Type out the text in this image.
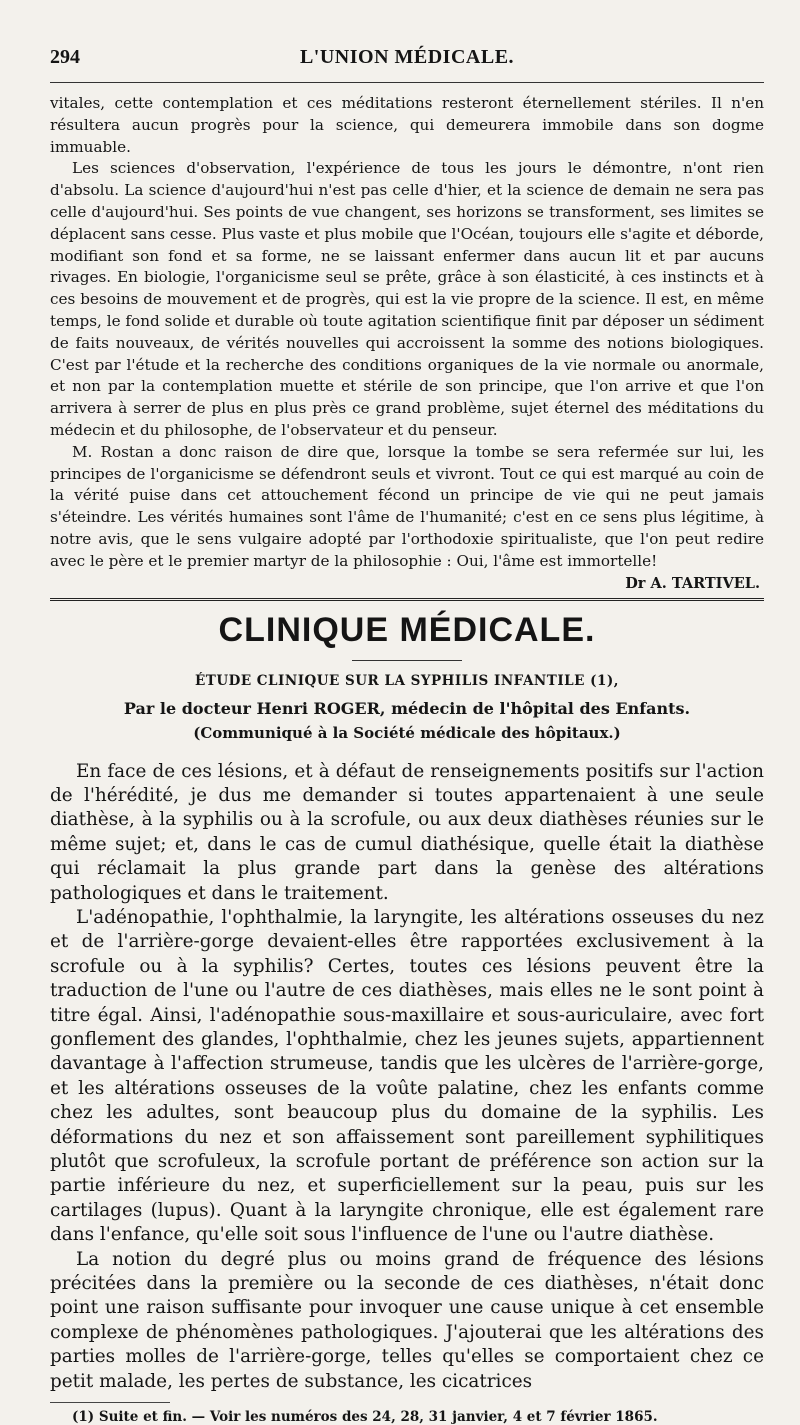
294	L'UNION MÉDICALE.

vitales, cette contemplation et ces méditations resteront éternellement stériles. Il n'en résultera aucun progrès pour la science, qui demeurera immobile dans son dogme immuable.

Les sciences d'observation, l'expérience de tous les jours le démontre, n'ont rien d'absolu. La science d'aujourd'hui n'est pas celle d'hier, et la science de demain ne sera pas celle d'aujourd'hui. Ses points de vue changent, ses horizons se transforment, ses limites se déplacent sans cesse. Plus vaste et plus mobile que l'Océan, toujours elle s'agite et déborde, modifiant son fond et sa forme, ne se laissant enfermer dans aucun lit et par aucuns rivages. En biologie, l'organicisme seul se prête, grâce à son élasticité, à ces instincts et à ces besoins de mouvement et de progrès, qui est la vie propre de la science. Il est, en même temps, le fond solide et durable où toute agitation scientifique finit par déposer un sédiment de faits nouveaux, de vérités nouvelles qui accroissent la somme des notions biologiques. C'est par l'étude et la recherche des conditions organiques de la vie normale ou anormale, et non par la contemplation muette et stérile de son principe, que l'on arrive et que l'on arrivera à serrer de plus en plus près ce grand problème, sujet éternel des méditations du médecin et du philosophe, de l'observateur et du penseur.

M. Rostan a donc raison de dire que, lorsque la tombe se sera refermée sur lui, les principes de l'organicisme se défendront seuls et vivront. Tout ce qui est marqué au coin de la vérité puise dans cet attouchement fécond un principe de vie qui ne peut jamais s'éteindre. Les vérités humaines sont l'âme de l'humanité; c'est en ce sens plus légitime, à notre avis, que le sens vulgaire adopté par l'orthodoxie spiritualiste, que l'on peut redire avec le père et le premier martyr de la philosophie : Oui, l'âme est immortelle!

Dr A. TARTIVEL.
CLINIQUE MÉDICALE.
ÉTUDE CLINIQUE SUR LA SYPHILIS INFANTILE (1),
Par le docteur Henri ROGER, médecin de l'hôpital des Enfants.
(Communiqué à la Société médicale des hôpitaux.)

En face de ces lésions, et à défaut de renseignements positifs sur l'action de l'hérédité, je dus me demander si toutes appartenaient à une seule diathèse, à la syphilis ou à la scrofule, ou aux deux diathèses réunies sur le même sujet; et, dans le cas de cumul diathésique, quelle était la diathèse qui réclamait la plus grande part dans la genèse des altérations pathologiques et dans le traitement.

L'adénopathie, l'ophthalmie, la laryngite, les altérations osseuses du nez et de l'arrière-gorge devaient-elles être rapportées exclusivement à la scrofule ou à la syphilis? Certes, toutes ces lésions peuvent être la traduction de l'une ou l'autre de ces diathèses, mais elles ne le sont point à titre égal. Ainsi, l'adénopathie sous-maxillaire et sous-auriculaire, avec fort gonflement des glandes, l'ophthalmie, chez les jeunes sujets, appartiennent davantage à l'affection strumeuse, tandis que les ulcères de l'arrière-gorge, et les altérations osseuses de la voûte palatine, chez les enfants comme chez les adultes, sont beaucoup plus du domaine de la syphilis. Les déformations du nez et son affaissement sont pareillement syphilitiques plutôt que scrofuleux, la scrofule portant de préférence son action sur la partie inférieure du nez, et superficiellement sur la peau, puis sur les cartilages (lupus). Quant à la laryngite chronique, elle est également rare dans l'enfance, qu'elle soit sous l'influence de l'une ou l'autre diathèse.

La notion du degré plus ou moins grand de fréquence des lésions précitées dans la première ou la seconde de ces diathèses, n'était donc point une raison suffisante pour invoquer une cause unique à cet ensemble complexe de phénomènes pathologiques. J'ajouterai que les altérations des parties molles de l'arrière-gorge, telles qu'elles se comportaient chez ce petit malade, les pertes de substance, les cicatrices

(1) Suite et fin. — Voir les numéros des 24, 28, 31 janvier, 4 et 7 février 1865.
